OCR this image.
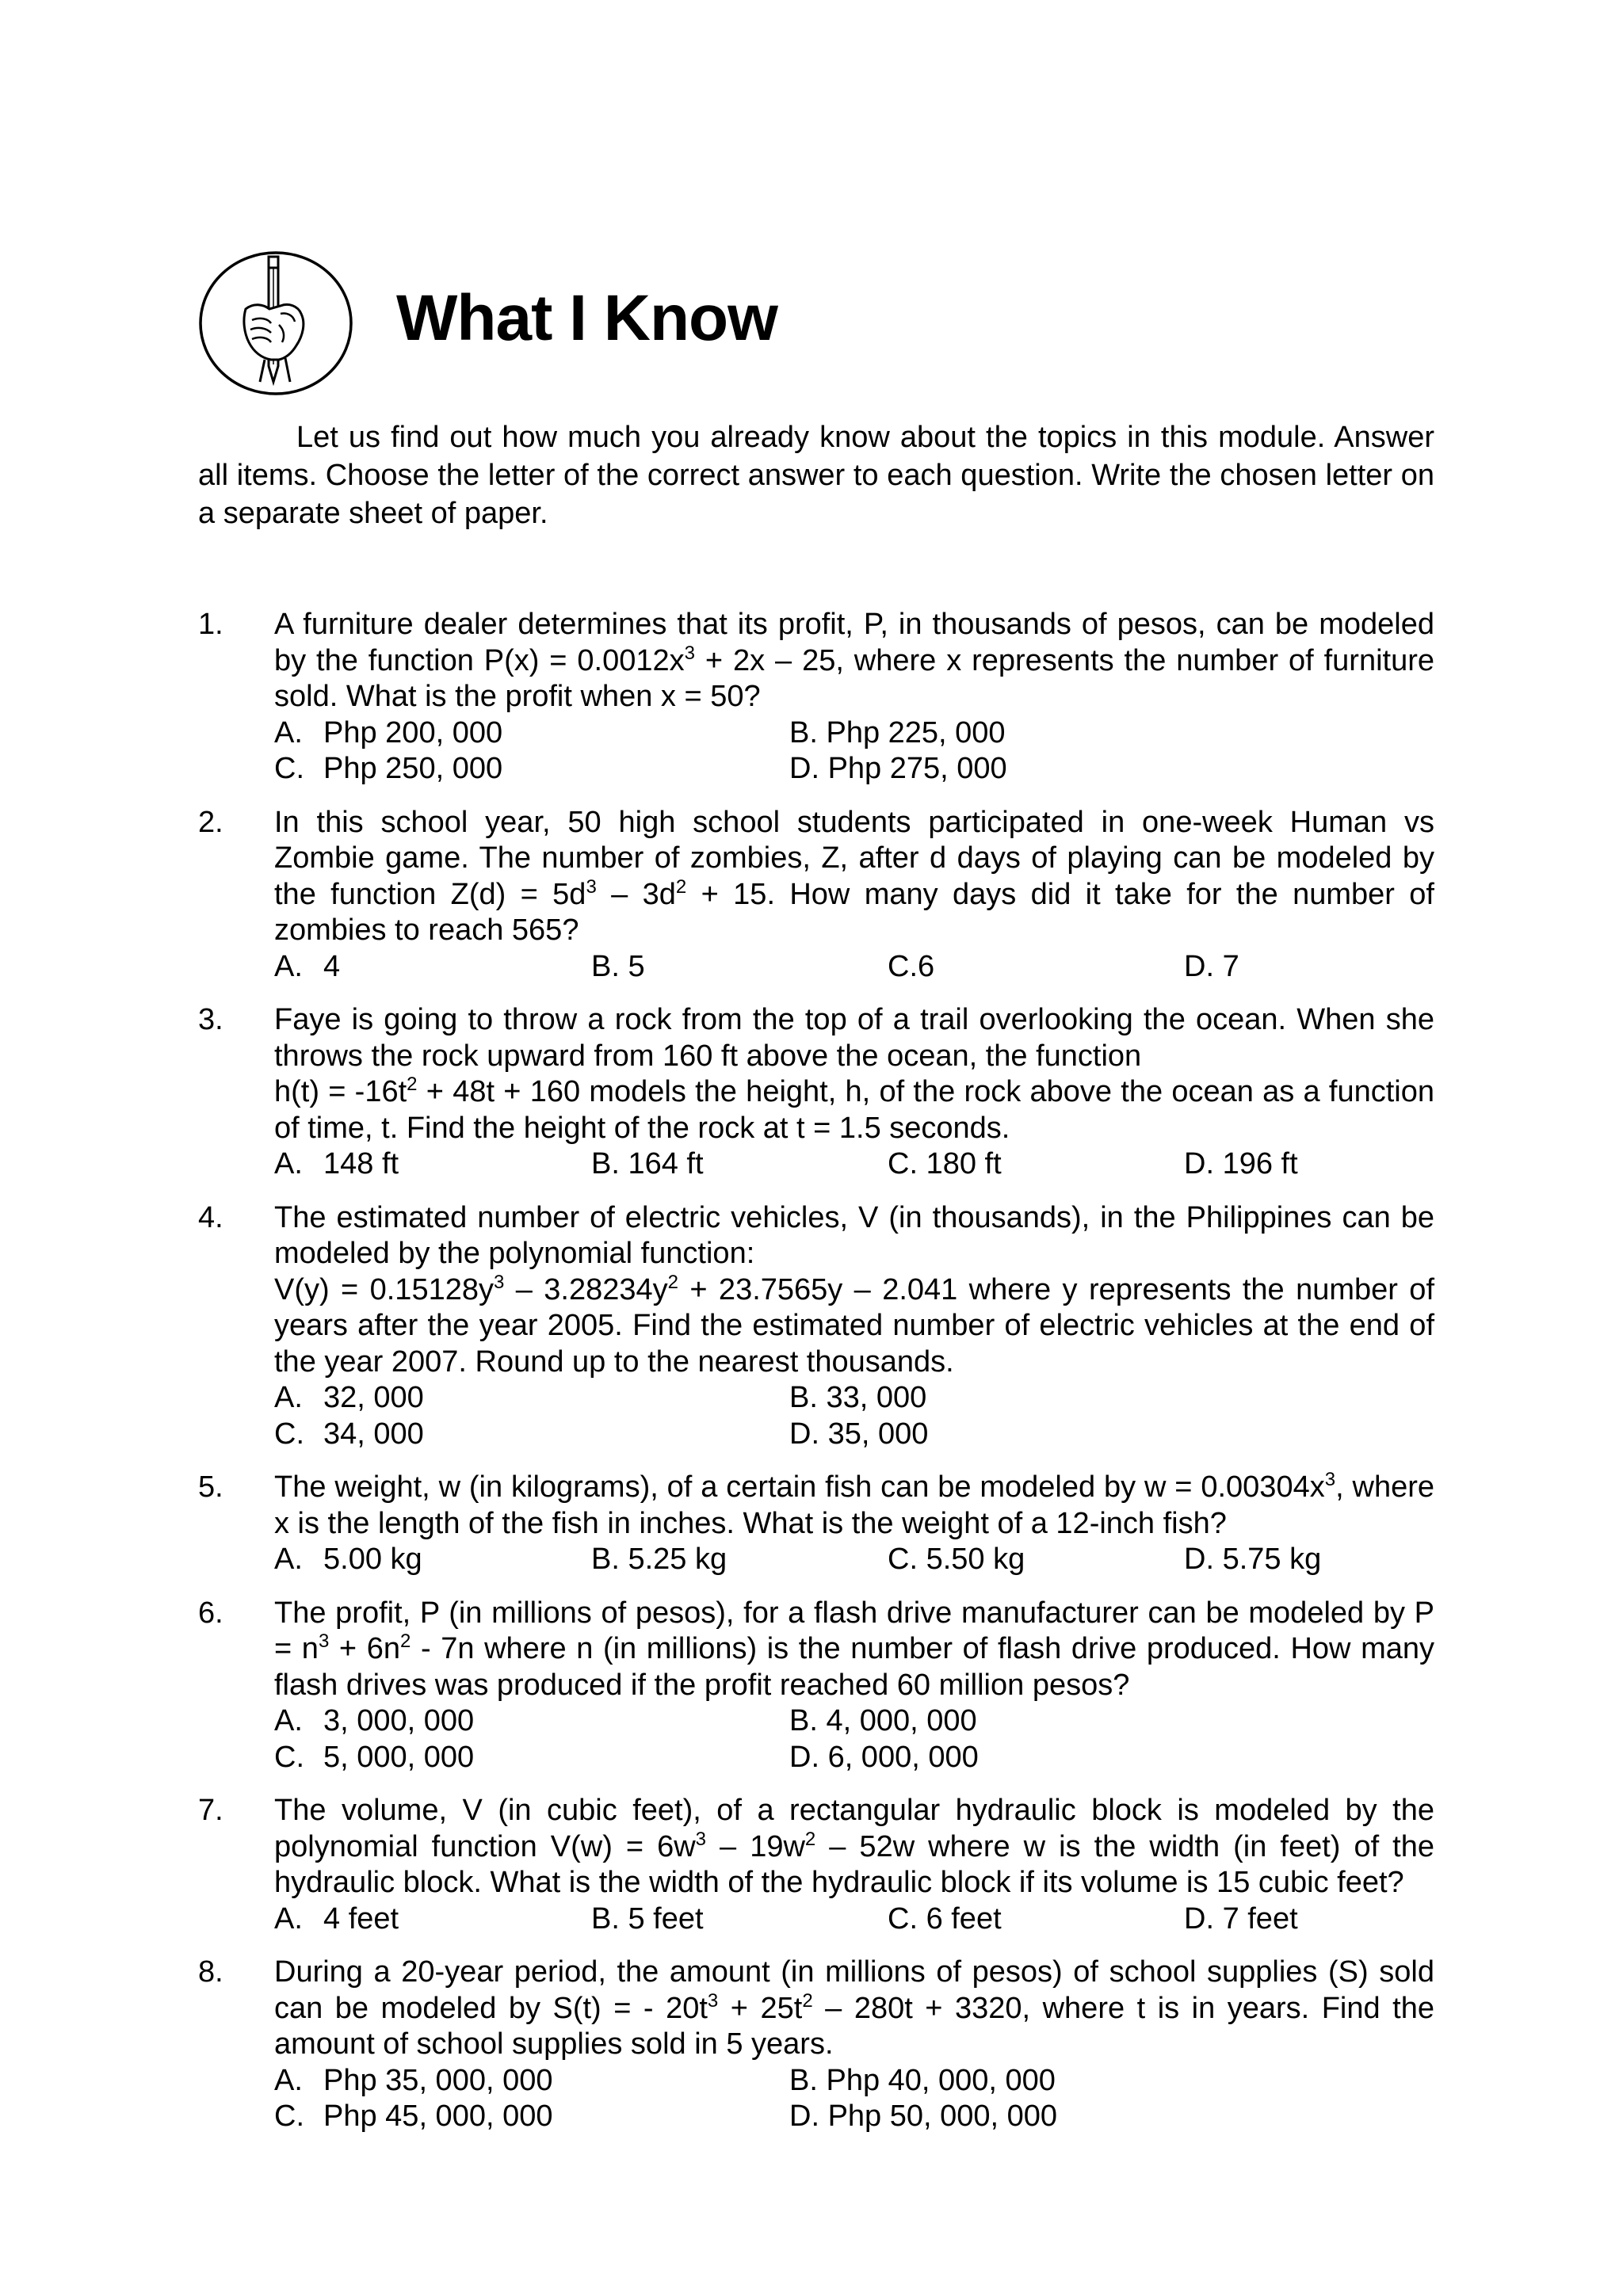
What I Know

Let us find out how much you already know about the topics in this module. Answer all items. Choose the letter of the correct answer to each question. Write the chosen letter on a separate sheet of paper.

1. A furniture dealer determines that its profit, P, in thousands of pesos, can be modeled by the function $P(x) = 0.0012x^3 + 2x - 25$, where x represents the number of furniture sold. What is the profit when x = 50?

A. Php 200, 000	B. Php 225, 000
C. Php 250, 000	D. Php 275, 000
2. In this school year, 50 high school students participated in one-week Human vs Zombie game. The number of zombies, Z, after d days of playing can be modeled by the function $Z(d) = 5d^3 - 3d^2 + 15$. How many days did it take for the number of zombies to reach 565?

A. 4	B. 5	C.6	D. 7
3. Faye is going to throw a rock from the top of a trail overlooking the ocean. When she throws the rock upward from 160 ft above the ocean, the function
$h(t) = -16t^2 + 48t + 160$ models the height, h, of the rock above the ocean as a function of time, t. Find the height of the rock at t = 1.5 seconds.

A. 148 ft	B. 164 ft	C. 180 ft	D. 196 ft
4. The estimated number of electric vehicles, V (in thousands), in the Philippines can be modeled by the polynomial function:
$V(y) = 0.15128y^3 - 3.28234y^2 + 23.7565y - 2.041$ where y represents the number of years after the year 2005. Find the estimated number of electric vehicles at the end of the year 2007. Round up to the nearest thousands.

A. 32, 000	B. 33, 000
C. 34, 000	D. 35, 000
5. The weight, w (in kilograms), of a certain fish can be modeled by $w = 0.00304x^3$, where x is the length of the fish in inches. What is the weight of a 12-inch fish?

A. 5.00 kg	B. 5.25 kg	C. 5.50 kg	D. 5.75 kg
6. The profit, P (in millions of pesos), for a flash drive manufacturer can be modeled by $P = n^3 + 6n^2 - 7n$ where n (in millions) is the number of flash drive produced. How many flash drives was produced if the profit reached 60 million pesos?

A. 3, 000, 000	B. 4, 000, 000
C. 5, 000, 000	D. 6, 000, 000
7. The volume, V (in cubic feet), of a rectangular hydraulic block is modeled by the polynomial function $V(w) = 6w^3 - 19w^2 - 52w$ where w is the width (in feet) of the hydraulic block. What is the width of the hydraulic block if its volume is 15 cubic feet?

A. 4 feet	B. 5 feet	C. 6 feet	D. 7 feet
8. During a 20-year period, the amount (in millions of pesos) of school supplies (S) sold can be modeled by S(t) = - $20t^3 + 25t^2 - 280t + 3320$, where t is in years. Find the amount of school supplies sold in 5 years.

A. Php 35, 000, 000	B. Php 40, 000, 000
C. Php 45, 000, 000	D. Php 50, 000, 000
